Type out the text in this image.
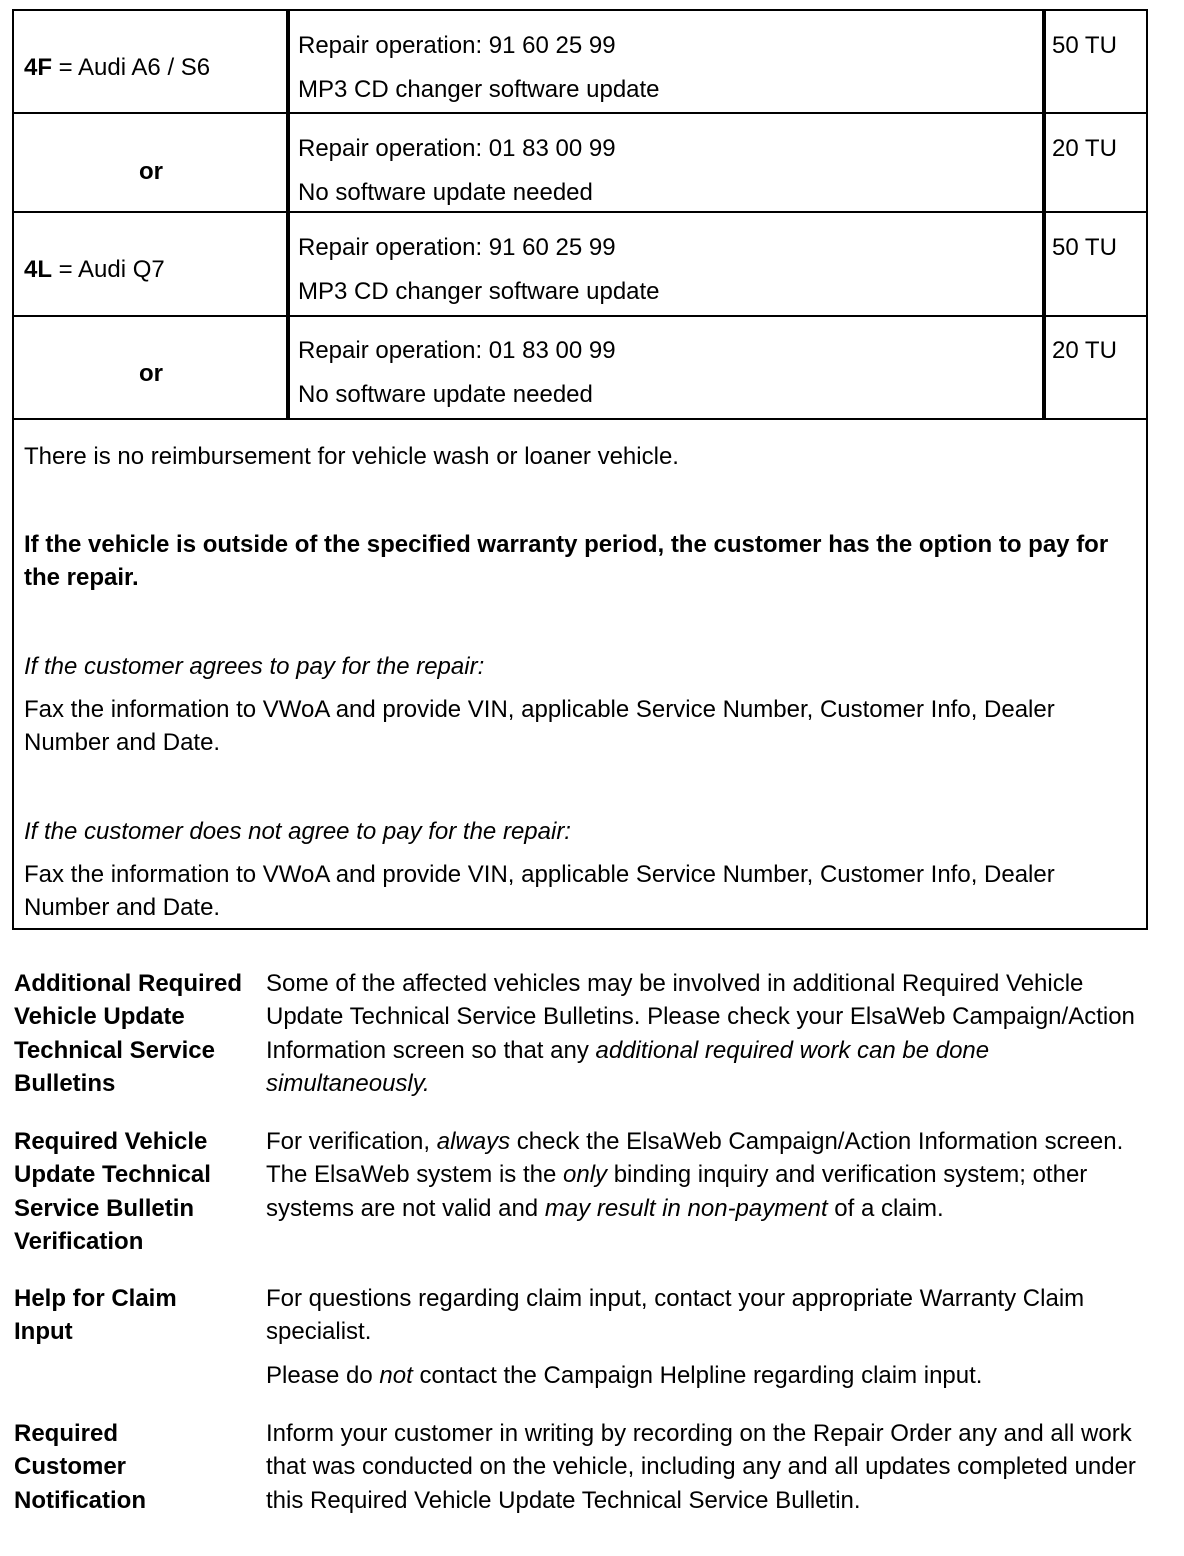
4F = Audi A6 / S6
Repair operation: 91 60 25 99
MP3 CD changer software update
50 TU
or
Repair operation: 01 83 00 99
No software update needed
20 TU
4L = Audi Q7
Repair operation: 91 60 25 99
MP3 CD changer software update
50 TU
or
Repair operation: 01 83 00 99
No software update needed
20 TU
There is no reimbursement for vehicle wash or loaner vehicle.
If the vehicle is outside of the specified warranty period, the customer has the option to pay for the repair.
If the customer agrees to pay for the repair:
Fax the information to VWoA and provide VIN, applicable Service Number, Customer Info, Dealer Number and Date.
If the customer does not agree to pay for the repair:
Fax the information to VWoA and provide VIN, applicable Service Number, Customer Info, Dealer Number and Date.
Additional Required Vehicle Update Technical Service Bulletins
Some of the affected vehicles may be involved in additional Required Vehicle Update Technical Service Bulletins. Please check your ElsaWeb Campaign/Action Information screen so that any additional required work can be done simultaneously.
Required Vehicle Update Technical Service Bulletin Verification
For verification, always check the ElsaWeb Campaign/Action Information screen. The ElsaWeb system is the only binding inquiry and verification system; other systems are not valid and may result in non-payment of a claim.
Help for Claim Input

For questions regarding claim input, contact your appropriate Warranty Claim specialist.

Please do not contact the Campaign Helpline regarding claim input.

Required Customer Notification
Inform your customer in writing by recording on the Repair Order any and all work that was conducted on the vehicle, including any and all updates completed under this Required Vehicle Update Technical Service Bulletin.
